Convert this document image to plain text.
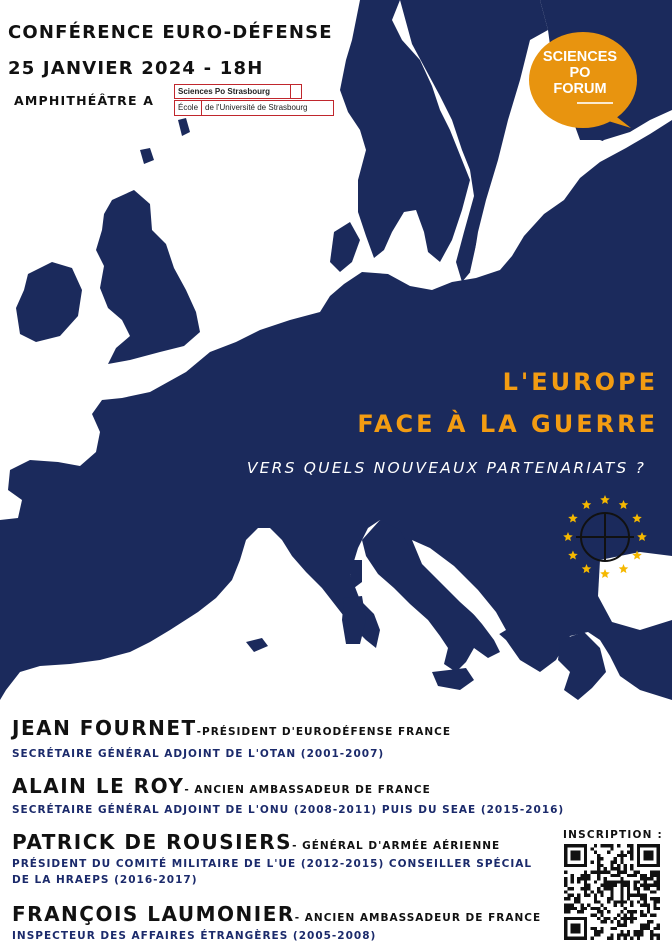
CONFÉRENCE EURO-DÉFENSE
25 JANVIER 2024 - 18H
AMPHITHÉÂTRE A
Sciences Po Strasbourg
École de l'Université de Strasbourg
SCIENCES
PO
FORUM
L'EUROPE
FACE À LA GUERRE
VERS QUELS NOUVEAUX PARTENARIATS ?
JEAN FOURNET-PRÉSIDENT D'EURODÉFENSE FRANCE
SECRÉTAIRE GÉNÉRAL ADJOINT DE L'OTAN (2001-2007)
ALAIN LE ROY- ANCIEN AMBASSADEUR DE FRANCE
SECRÉTAIRE GÉNÉRAL ADJOINT DE L'ONU (2008-2011) PUIS DU SEAE (2015-2016)
PATRICK DE ROUSIERS- GÉNÉRAL D'ARMÉE AÉRIENNE
PRÉSIDENT DU COMITÉ MILITAIRE DE L'UE (2012-2015) CONSEILLER SPÉCIAL
DE LA HRAEPS (2016-2017)
FRANÇOIS LAUMONIER- ANCIEN AMBASSADEUR DE FRANCE
INSPECTEUR DES AFFAIRES ÉTRANGÈRES (2005-2008)
INSCRIPTION :
